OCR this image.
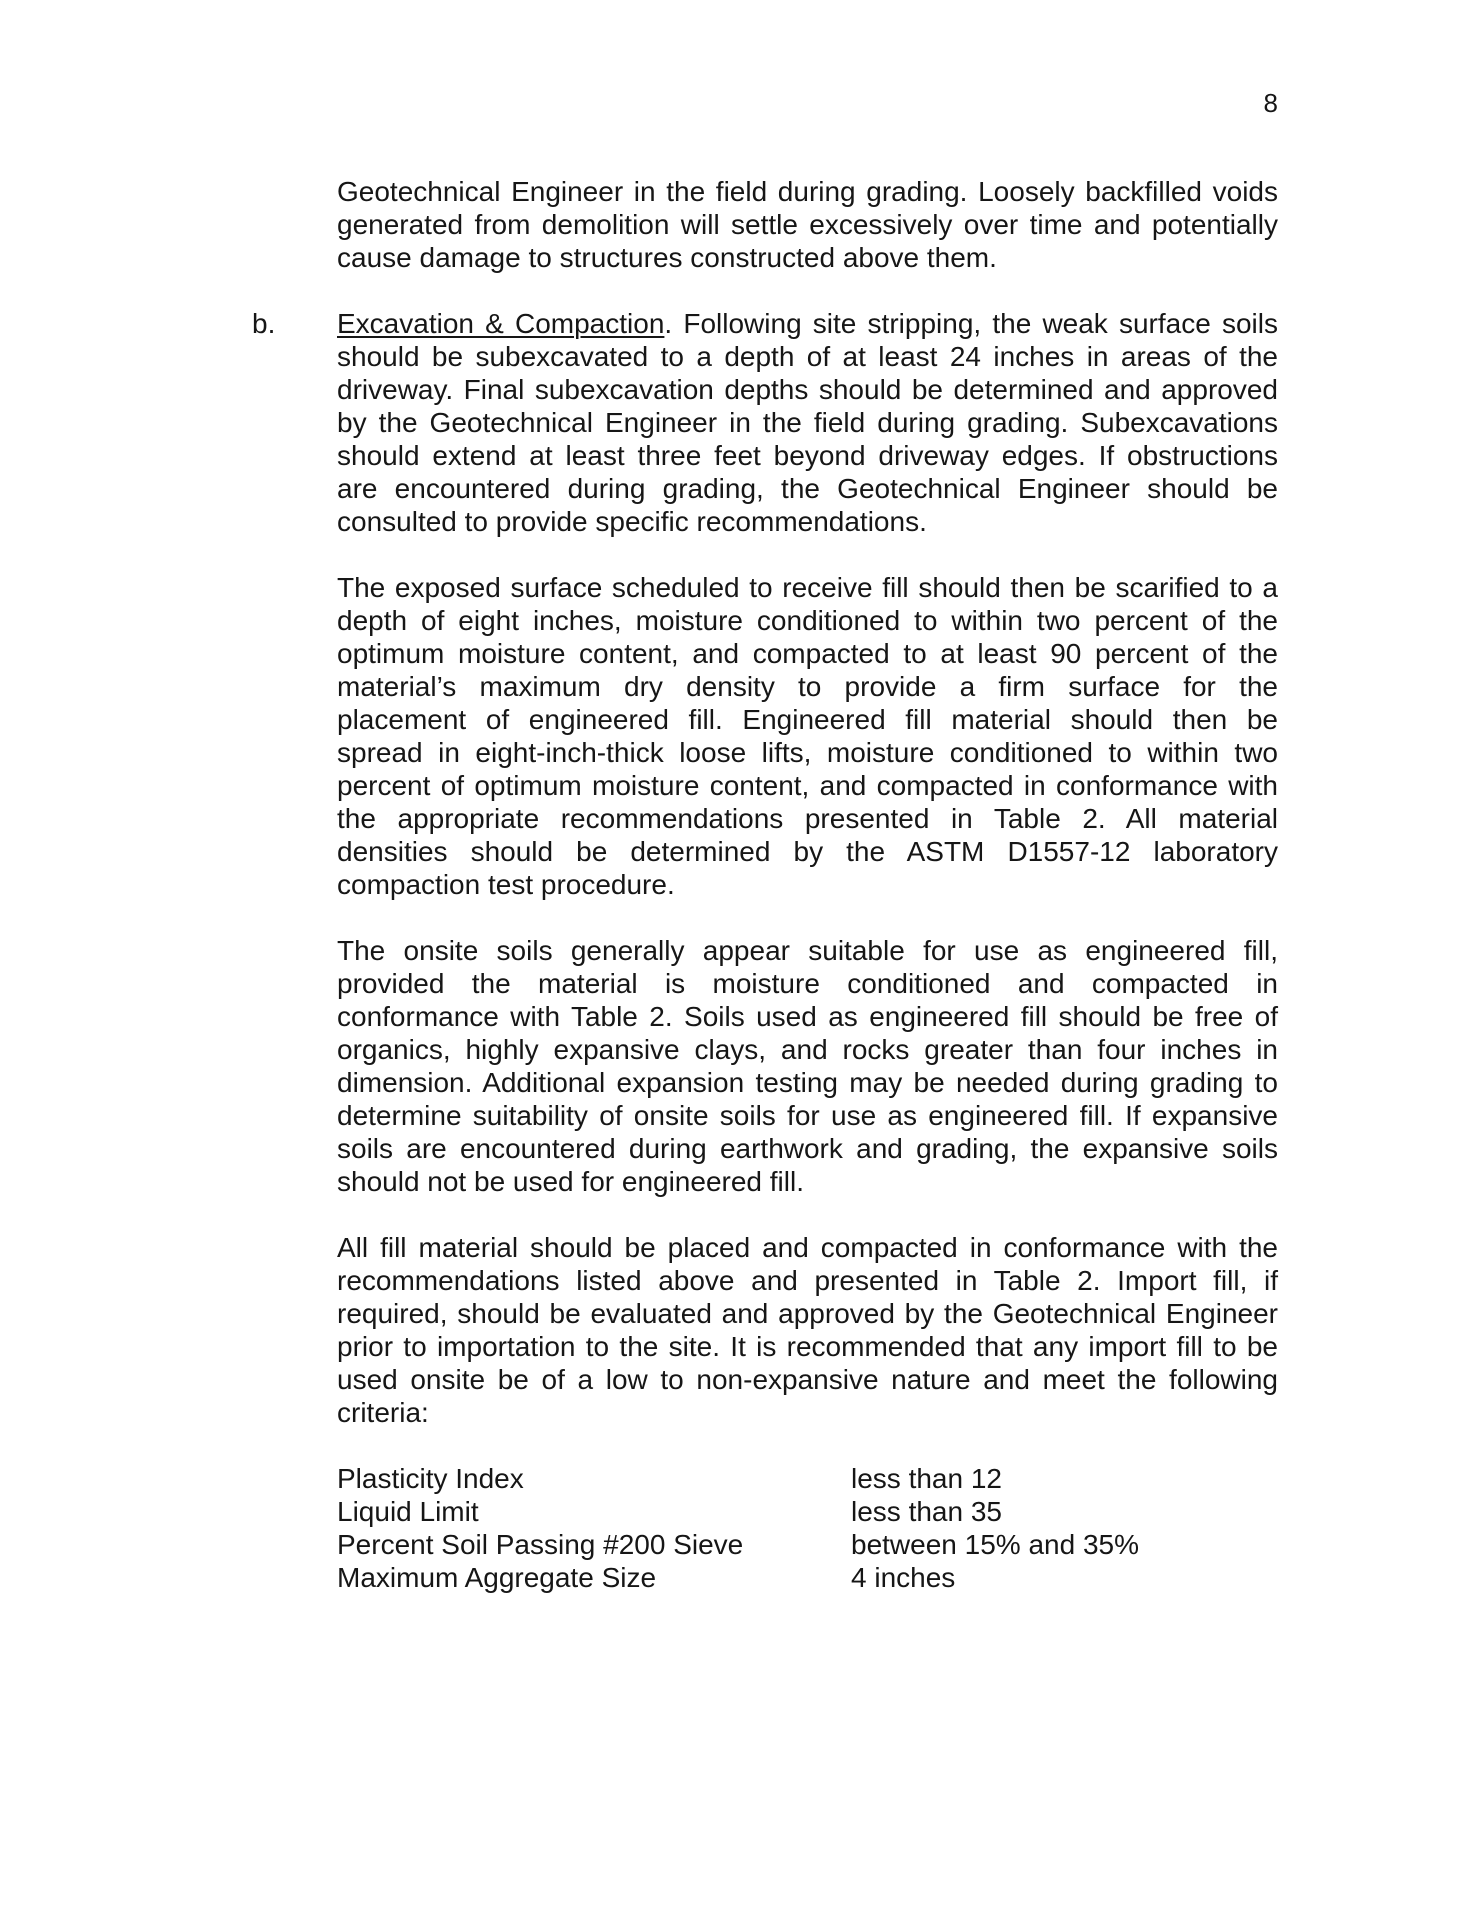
8
Geotechnical Engineer in the field during grading. Loosely backfilled voids
generated from demolition will settle excessively over time and potentially
cause damage to structures constructed above them.
b. Excavation & Compaction. Following site stripping, the weak surface soils
should be subexcavated to a depth of at least 24 inches in areas of the
driveway. Final subexcavation depths should be determined and approved
by the Geotechnical Engineer in the field during grading. Subexcavations
should extend at least three feet beyond driveway edges. If obstructions
are encountered during grading, the Geotechnical Engineer should be
consulted to provide specific recommendations.
The exposed surface scheduled to receive fill should then be scarified to a
depth of eight inches, moisture conditioned to within two percent of the
optimum moisture content, and compacted to at least 90 percent of the
material’s maximum dry density to provide a firm surface for the
placement of engineered fill. Engineered fill material should then be
spread in eight-inch-thick loose lifts, moisture conditioned to within two
percent of optimum moisture content, and compacted in conformance with
the appropriate recommendations presented in Table 2. All material
densities should be determined by the ASTM D1557-12 laboratory
compaction test procedure.
The onsite soils generally appear suitable for use as engineered fill,
provided the material is moisture conditioned and compacted in
conformance with Table 2. Soils used as engineered fill should be free of
organics, highly expansive clays, and rocks greater than four inches in
dimension. Additional expansion testing may be needed during grading to
determine suitability of onsite soils for use as engineered fill. If expansive
soils are encountered during earthwork and grading, the expansive soils
should not be used for engineered fill.
All fill material should be placed and compacted in conformance with the
recommendations listed above and presented in Table 2. Import fill, if
required, should be evaluated and approved by the Geotechnical Engineer
prior to importation to the site. It is recommended that any import fill to be
used onsite be of a low to non-expansive nature and meet the following
criteria:
Plasticity Index	less than 12
Liquid Limit	less than 35
Percent Soil Passing #200 Sieve	between 15% and 35%
Maximum Aggregate Size	4 inches
